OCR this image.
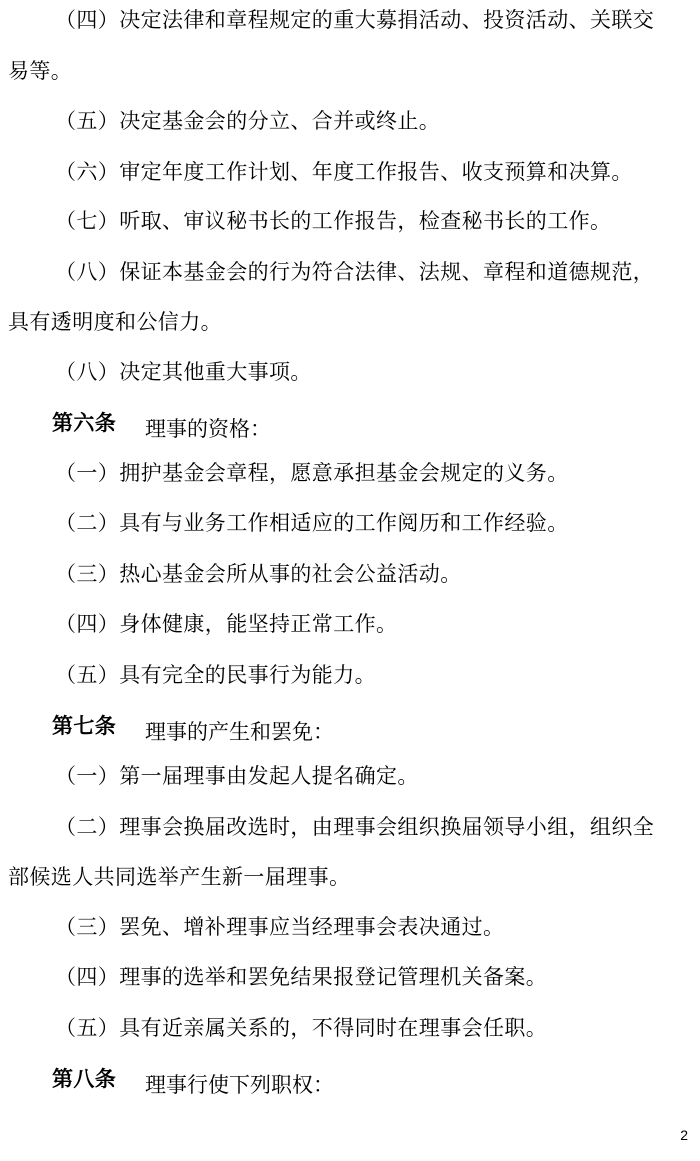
（四）决定法律和章程规定的重大募捐活动、投资活动、关联交
易等。
（五）决定基金会的分立、合并或终止。
（六）审定年度工作计划、年度工作报告、收支预算和决算。
（七）听取、审议秘书长的工作报告，检查秘书长的工作。
（八）保证本基金会的行为符合法律、法规、章程和道德规范，
具有透明度和公信力。
（八）决定其他重大事项。
第六条 理事的资格：
（一）拥护基金会章程，愿意承担基金会规定的义务。
（二）具有与业务工作相适应的工作阅历和工作经验。
（三）热心基金会所从事的社会公益活动。
（四）身体健康，能坚持正常工作。
（五）具有完全的民事行为能力。
第七条 理事的产生和罢免：
（一）第一届理事由发起人提名确定。
（二）理事会换届改选时，由理事会组织换届领导小组，组织全
部候选人共同选举产生新一届理事。
（三）罢免、增补理事应当经理事会表决通过。
（四）理事的选举和罢免结果报登记管理机关备案。
（五）具有近亲属关系的，不得同时在理事会任职。
第八条 理事行使下列职权：
2
